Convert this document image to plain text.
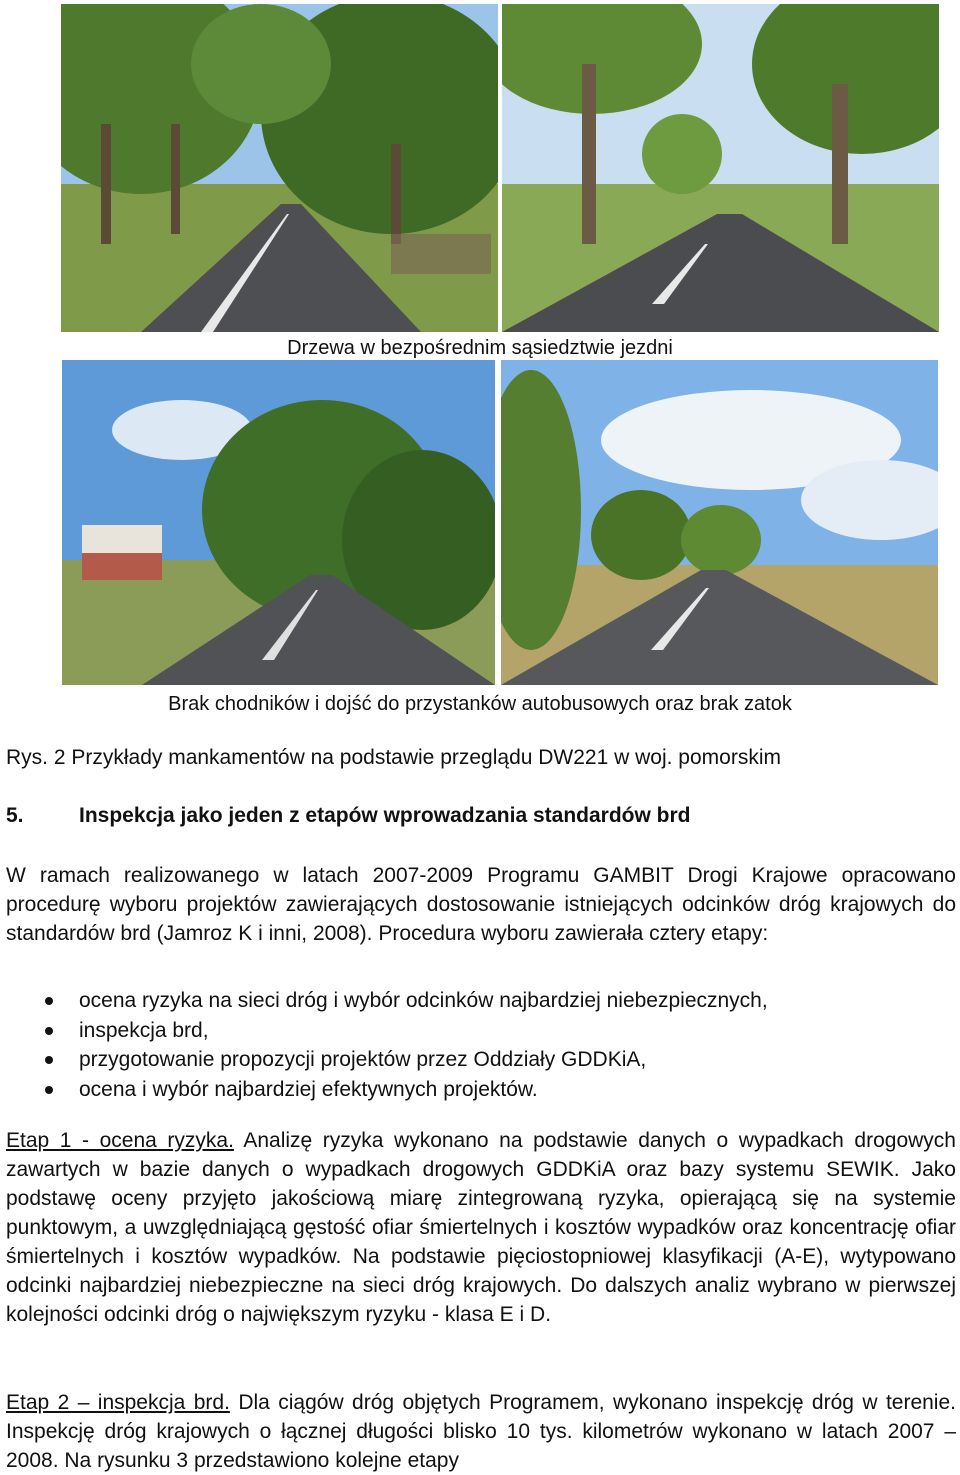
Drzewa w bezpośrednim sąsiedztwie jezdni
Brak chodników i dojść do przystanków autobusowych oraz brak zatok
Rys. 2 Przykłady mankamentów na podstawie przeglądu DW221 w woj. pomorskim
5.	Inspekcja jako jeden z etapów wprowadzania standardów brd
W ramach realizowanego w latach 2007-2009 Programu GAMBIT Drogi Krajowe opracowano procedurę wyboru projektów zawierających dostosowanie istniejących odcinków dróg krajowych do standardów brd (Jamroz K i inni, 2008). Procedura wyboru zawierała cztery etapy:
ocena ryzyka na sieci dróg i wybór odcinków najbardziej niebezpiecznych,
inspekcja brd,
przygotowanie propozycji projektów przez Oddziały GDDKiA,
ocena i wybór najbardziej efektywnych projektów.
Etap 1 - ocena ryzyka. Analizę ryzyka wykonano na podstawie danych o wypadkach drogowych zawartych w bazie danych o wypadkach drogowych GDDKiA oraz bazy systemu SEWIK. Jako podstawę oceny przyjęto jakościową miarę zintegrowaną ryzyka, opierającą się na systemie punktowym, a uwzględniającą gęstość ofiar śmiertelnych i kosztów wypadków oraz koncentrację ofiar śmiertelnych i kosztów wypadków. Na podstawie pięciostopniowej klasyfikacji (A-E), wytypowano odcinki najbardziej niebezpieczne na sieci dróg krajowych. Do dalszych analiz wybrano w pierwszej kolejności odcinki dróg o największym ryzyku - klasa E i D.
Etap 2 – inspekcja brd. Dla ciągów dróg objętych Programem, wykonano inspekcję dróg w terenie. Inspekcję dróg krajowych o łącznej długości blisko 10 tys. kilometrów wykonano w latach 2007 – 2008. Na rysunku 3 przedstawiono kolejne etapy
